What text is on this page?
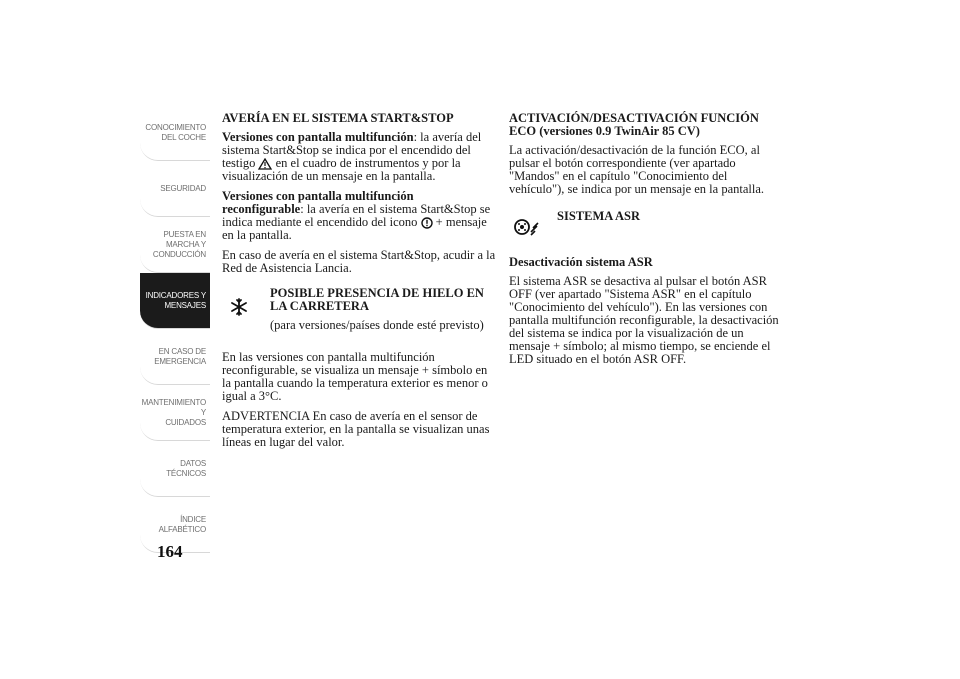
CONOCIMIENTO
DEL COCHE
SEGURIDAD
PUESTA EN
MARCHA Y
CONDUCCIÓN
INDICADORES Y
MENSAJES
EN CASO DE
EMERGENCIA
MANTENIMIENTO Y
CUIDADOS
DATOS TÉCNICOS
ÍNDICE
ALFABÉTICO
164
AVERÍA EN EL SISTEMA START&STOP

Versiones con pantalla multifunción: la avería del sistema Start&Stop se indica por el encendido del testigo en el cuadro de instrumentos y por la visualización de un mensaje en la pantalla.

Versiones con pantalla multifunción reconfigurable: la avería en el sistema Start&Stop se indica mediante el encendido del icono + mensaje en la pantalla.

En caso de avería en el sistema Start&Stop, acudir a la Red de Asistencia Lancia.

POSIBLE PRESENCIA DE HIELO EN LA CARRETERA

(para versiones/países donde esté previsto)

En las versiones con pantalla multifunción reconfigurable, se visualiza un mensaje + símbolo en la pantalla cuando la temperatura exterior es menor o igual a 3°C.

ADVERTENCIA En caso de avería en el sensor de temperatura exterior, en la pantalla se visualizan unas líneas en lugar del valor.

ACTIVACIÓN/DESACTIVACIÓN FUNCIÓN ECO (versiones 0.9 TwinAir 85 CV)

La activación/desactivación de la función ECO, al pulsar el botón correspondiente (ver apartado "Mandos" en el capítulo "Conocimiento del vehículo"), se indica por un mensaje en la pantalla.

SISTEMA ASR
Desactivación sistema ASR

El sistema ASR se desactiva al pulsar el botón ASR OFF (ver apartado "Sistema ASR" en el capítulo "Conocimiento del vehículo"). En las versiones con pantalla multifunción reconfigurable, la desactivación del sistema se indica por la visualización de un mensaje + símbolo; al mismo tiempo, se enciende el LED situado en el botón ASR OFF.
